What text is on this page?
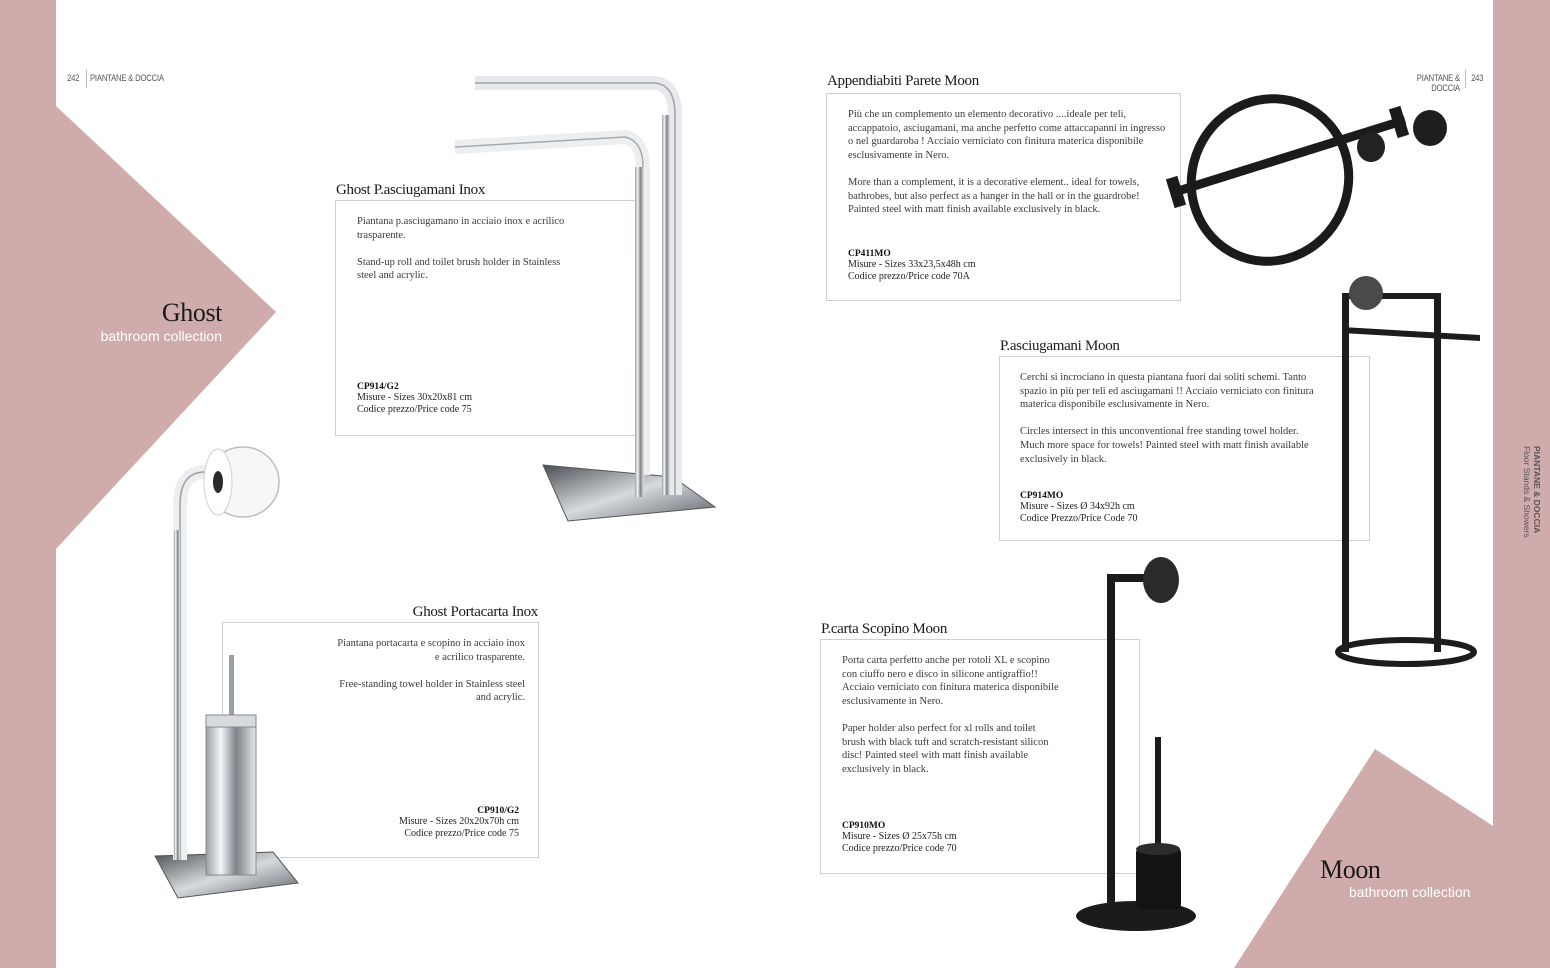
242 PIANTANE & DOCCIA	PIANTANE & DOCCIA
243
PIANTANE & DOCCIA
Floor Stands & Showers
Ghost
bathroom collection
Moon
bathroom collection
Ghost P.asciugamani Inox

Piantana p.asciugamano in acciaio inox e acrilico trasparente.

Stand-up roll and toilet brush holder in Stainless steel and acrylic.

CP914/G2
Misure - Sizes 30x20x81 cm
Codice prezzo/Price code 75
Ghost Portacarta Inox

Piantana portacarta e scopino in acciaio inox e acrilico trasparente.

Free-standing towel holder in Stainless steel and acrylic.

CP910/G2
Misure - Sizes 20x20x70h cm
Codice prezzo/Price code 75
Appendiabiti Parete Moon

Più che un complemento un elemento decorativo ....ideale per teli, accappatoio, asciugamani, ma anche perfetto come attaccapanni in ingresso o nel guardaroba ! Acciaio verniciato con finitura materica disponibile esclusivamente in Nero.

More than a complement, it is a decorative element.. ideal for towels, bathrobes, but also perfect as a hanger in the hall or in the guardrobe! Painted steel with matt finish available exclusively in black.

CP411MO
Misure - Sizes 33x23,5x48h cm
Codice prezzo/Price code 70A
P.asciugamani Moon

Cerchi si incrociano in questa piantana fuori dai soliti schemi. Tanto spazio in più per teli ed asciugamani !! Acciaio verniciato con finitura materica disponibile esclusivamente in Nero.

Circles intersect in this unconventional free standing towel holder. Much more space for towels! Painted steel with matt finish available exclusively in black.

CP914MO
Misure - Sizes Ø 34x92h cm
Codice Prezzo/Price Code 70
P.carta Scopino Moon

Porta carta perfetto anche per rotoli XL e scopino con ciuffo nero e disco in silicone antigraffio!! Acciaio verniciato con finitura materica disponibile esclusivamente in Nero.

Paper holder also perfect for xl rolls and toilet brush with black tuft and scratch-resistant silicon disc! Painted steel with matt finish available exclusively in black.

CP910MO
Misure - Sizes Ø 25x75h cm
Codice prezzo/Price code 70
